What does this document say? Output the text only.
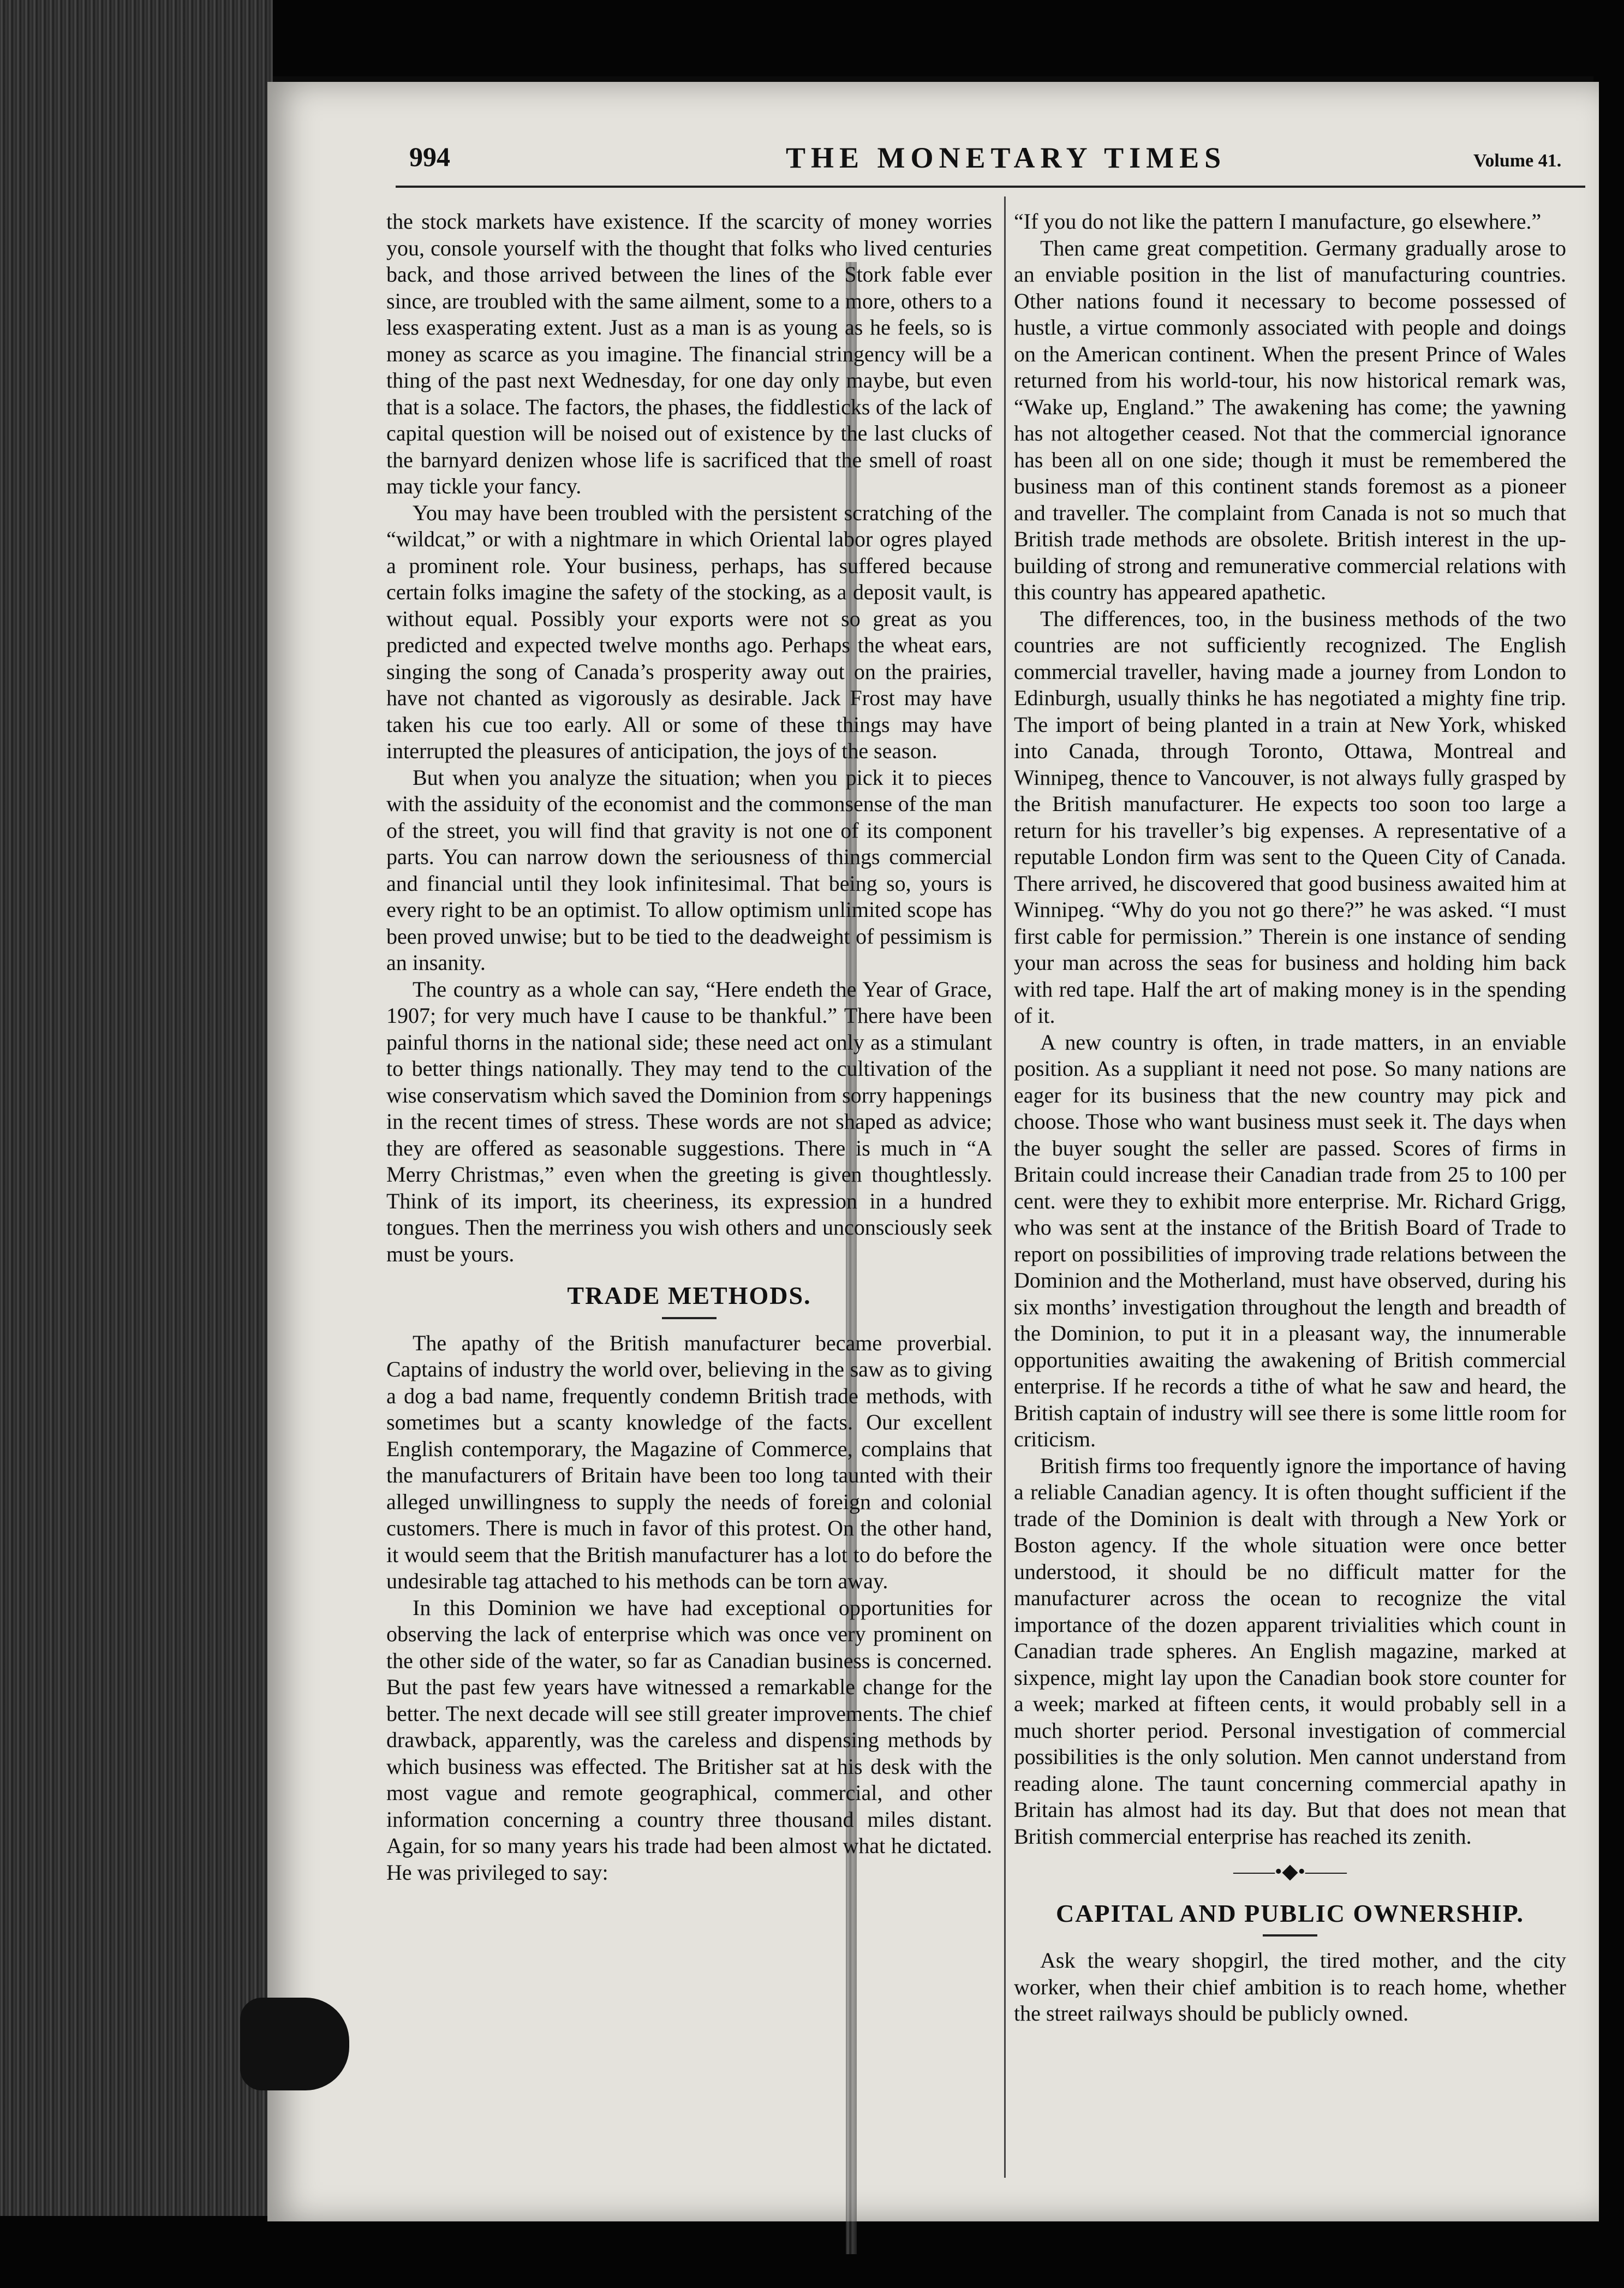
994	THE MONETARY TIMES	Volume 41.

the stock markets have existence. If the scarcity of money worries you, console yourself with the thought that folks who lived centuries back, and those arrived between the lines of the Stork fable ever since, are troubled with the same ailment, some to a more, others to a less exasperating extent. Just as a man is as young as he feels, so is money as scarce as you imagine. The financial stringency will be a thing of the past next Wednesday, for one day only maybe, but even that is a solace. The factors, the phases, the fiddlesticks of the lack of capital question will be noised out of existence by the last clucks of the barnyard denizen whose life is sacrificed that the smell of roast may tickle your fancy.

You may have been troubled with the persistent scratching of the “wildcat,” or with a nightmare in which Oriental labor ogres played a prominent role. Your business, perhaps, has suffered because certain folks imagine the safety of the stocking, as a deposit vault, is without equal. Possibly your exports were not so great as you predicted and expected twelve months ago. Perhaps the wheat ears, singing the song of Canada’s prosperity away out on the prairies, have not chanted as vigorously as desirable. Jack Frost may have taken his cue too early. All or some of these things may have interrupted the pleasures of anticipation, the joys of the season.

But when you analyze the situation; when you pick it to pieces with the assiduity of the economist and the commonsense of the man of the street, you will find that gravity is not one of its component parts. You can narrow down the seriousness of things commercial and financial until they look infinitesimal. That being so, yours is every right to be an optimist. To allow optimism unlimited scope has been proved unwise; but to be tied to the deadweight of pessimism is an insanity.

The country as a whole can say, “Here endeth the Year of Grace, 1907; for very much have I cause to be thankful.” There have been painful thorns in the national side; these need act only as a stimulant to better things nationally. They may tend to the cultivation of the wise conservatism which saved the Dominion from sorry happenings in the recent times of stress. These words are not shaped as advice; they are offered as seasonable suggestions. There is much in “A Merry Christmas,” even when the greeting is given thoughtlessly. Think of its import, its cheeriness, its expression in a hundred tongues. Then the merriness you wish others and unconsciously seek must be yours.

TRADE METHODS.

The apathy of the British manufacturer became proverbial. Captains of industry the world over, believing in the saw as to giving a dog a bad name, frequently condemn British trade methods, with sometimes but a scanty knowledge of the facts. Our excellent English contemporary, the Magazine of Commerce, complains that the manufacturers of Britain have been too long taunted with their alleged unwillingness to supply the needs of foreign and colonial customers. There is much in favor of this protest. On the other hand, it would seem that the British manufacturer has a lot to do before the undesirable tag attached to his methods can be torn away.

In this Dominion we have had exceptional opportunities for observing the lack of enterprise which was once very prominent on the other side of the water, so far as Canadian business is concerned. But the past few years have witnessed a remarkable change for the better. The next decade will see still greater improvements. The chief drawback, apparently, was the careless and dispensing methods by which business was effected. The Britisher sat at his desk with the most vague and remote geographical, commercial, and other information concerning a country three thousand miles distant. Again, for so many years his trade had been almost what he dictated. He was privileged to say:

“If you do not like the pattern I manufacture, go elsewhere.”

Then came great competition. Germany gradually arose to an enviable position in the list of manufacturing countries. Other nations found it necessary to become possessed of hustle, a virtue commonly associated with people and doings on the American continent. When the present Prince of Wales returned from his world-tour, his now historical remark was, “Wake up, England.” The awakening has come; the yawning has not altogether ceased. Not that the commercial ignorance has been all on one side; though it must be remembered the business man of this continent stands foremost as a pioneer and traveller. The complaint from Canada is not so much that British trade methods are obsolete. British interest in the up-building of strong and remunerative commercial relations with this country has appeared apathetic.

The differences, too, in the business methods of the two countries are not sufficiently recognized. The English commercial traveller, having made a journey from London to Edinburgh, usually thinks he has negotiated a mighty fine trip. The import of being planted in a train at New York, whisked into Canada, through Toronto, Ottawa, Montreal and Winnipeg, thence to Vancouver, is not always fully grasped by the British manufacturer. He expects too soon too large a return for his traveller’s big expenses. A representative of a reputable London firm was sent to the Queen City of Canada. There arrived, he discovered that good business awaited him at Winnipeg. “Why do you not go there?” he was asked. “I must first cable for permission.” Therein is one instance of sending your man across the seas for business and holding him back with red tape. Half the art of making money is in the spending of it.

A new country is often, in trade matters, in an enviable position. As a suppliant it need not pose. So many nations are eager for its business that the new country may pick and choose. Those who want business must seek it. The days when the buyer sought the seller are passed. Scores of firms in Britain could increase their Canadian trade from 25 to 100 per cent. were they to exhibit more enterprise. Mr. Richard Grigg, who was sent at the instance of the British Board of Trade to report on possibilities of improving trade relations between the Dominion and the Motherland, must have observed, during his six months’ investigation throughout the length and breadth of the Dominion, to put it in a pleasant way, the innumerable opportunities awaiting the awakening of British commercial enterprise. If he records a tithe of what he saw and heard, the British captain of industry will see there is some little room for criticism.

British firms too frequently ignore the importance of having a reliable Canadian agency. It is often thought sufficient if the trade of the Dominion is dealt with through a New York or Boston agency. If the whole situation were once better understood, it should be no difficult matter for the manufacturer across the ocean to recognize the vital importance of the dozen apparent trivialities which count in Canadian trade spheres. An English magazine, marked at sixpence, might lay upon the Canadian book store counter for a week; marked at fifteen cents, it would probably sell in a much shorter period. Personal investigation of commercial possibilities is the only solution. Men cannot understand from reading alone. The taunt concerning commercial apathy in Britain has almost had its day. But that does not mean that British commercial enterprise has reached its zenith.

——•◆•——
CAPITAL AND PUBLIC OWNERSHIP.

Ask the weary shopgirl, the tired mother, and the city worker, when their chief ambition is to reach home, whether the street railways should be publicly owned.
